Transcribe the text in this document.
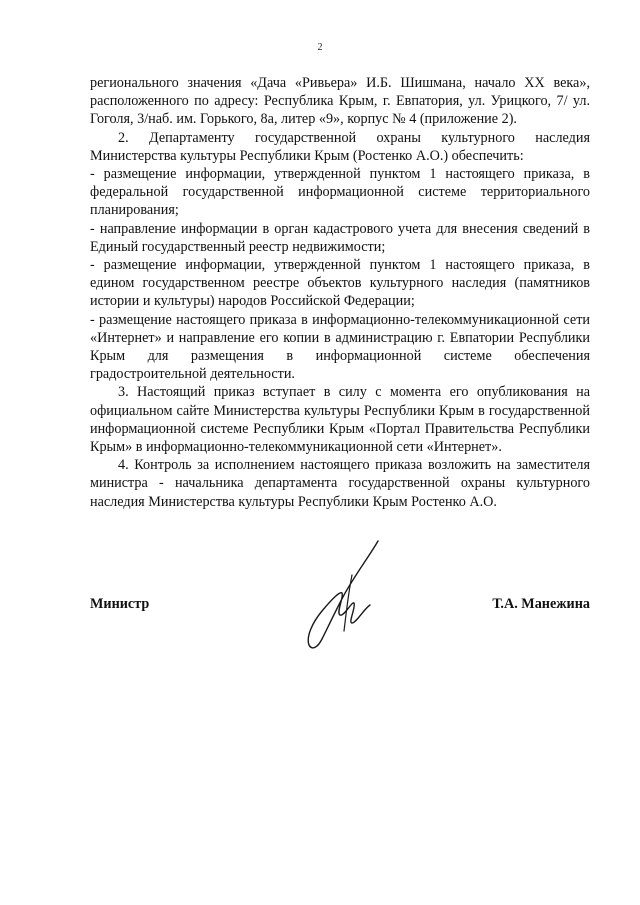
2

регионального значения «Дача «Ривьера» И.Б. Шишмана, начало XX века», расположенного по адресу: Республика Крым, г. Евпатория, ул. Урицкого, 7/ ул. Гоголя, 3/наб. им. Горького, 8а, литер «9», корпус № 4 (приложение 2).

2. Департаменту государственной охраны культурного наследия Министерства культуры Республики Крым (Ростенко А.О.) обеспечить:

- размещение информации, утвержденной пунктом 1 настоящего приказа, в федеральной государственной информационной системе территориального планирования;

- направление информации в орган кадастрового учета для внесения сведений в Единый государственный реестр недвижимости;

- размещение информации, утвержденной пунктом 1 настоящего приказа, в едином государственном реестре объектов культурного наследия (памятников истории и культуры) народов Российской Федерации;

- размещение настоящего приказа в информационно-телекоммуникационной сети «Интернет» и направление его копии в администрацию г. Евпатории Республики Крым для размещения в информационной системе обеспечения градостроительной деятельности.

3. Настоящий приказ вступает в силу с момента его опубликования на официальном сайте Министерства культуры Республики Крым в государственной информационной системе Республики Крым «Портал Правительства Республики Крым» в информационно-телекоммуникационной сети «Интернет».

4. Контроль за исполнением настоящего приказа возложить на заместителя министра - начальника департамента государственной охраны культурного наследия Министерства культуры Республики Крым Ростенко А.О.

Министр	Т.А. Манежина
